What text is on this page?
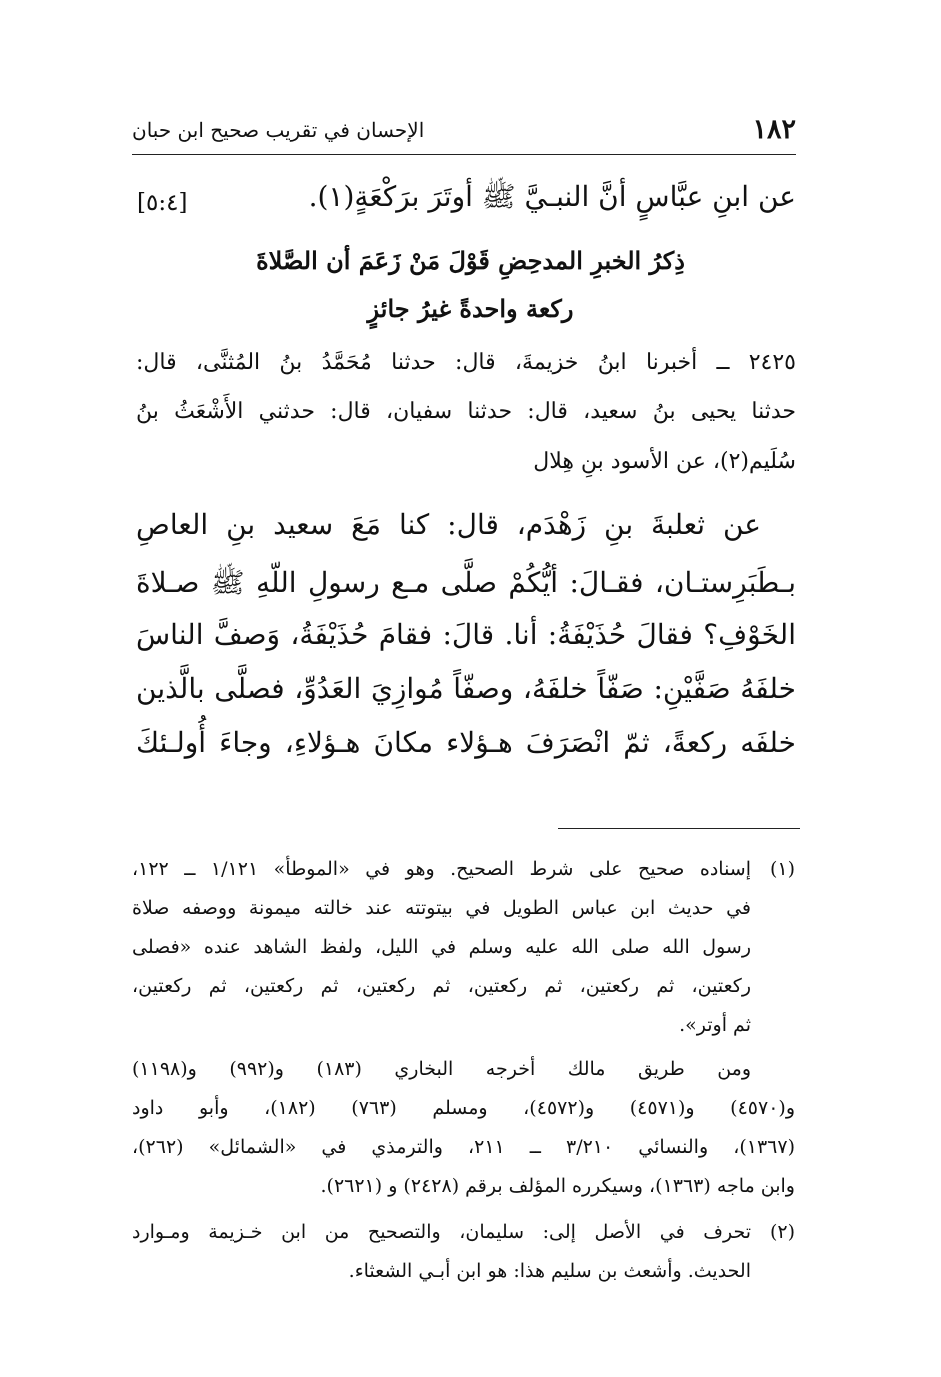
١٨٢
الإحسان في تقريب صحيح ابن حبان
عن ابنِ عبَّاسٍ أنَّ النبـيَّ ﷺ أوتَرَ برَكْعَةٍ(١).
[٥:٤]
ذِكرُ الخبرِ المدحِضِ قَوْلَ مَنْ زَعَمَ أن الصَّلاةَ
ركعة واحدةً غيرُ جائزٍ
٢٤٢٥ ــ أخبرنا ابنُ خزيمةَ، قال: حدثنا مُحَمَّدُ بنُ المُثنَّى، قال:
حدثنا يحيى بنُ سعيد، قال: حدثنا سفيان، قال: حدثني الأَشْعَثُ بنُ
سُلَيم(٢)، عن الأسود بنِ هِلال
عن ثعلبةَ بنِ زَهْدَم، قال: كنا مَعَ سعيد بنِ العاصِ
بـطَبَرِستـان، فقـالَ: أيُّكُمْ صلَّى مـع رسولِ اللّهِ ﷺ صـلاةَ
الخَوْفِ؟ فقالَ حُذَيْفَةُ: أنا. قالَ: فقامَ حُذَيْفَةُ، وَصفَّ الناسَ
خلفَهُ صَفَّيْنِ: صَفّاً خلفَهُ، وصفّاً مُوازِيَ العَدُوِّ، فصلَّى بالَّذين
خلفَه ركعةً، ثمّ انْصَرَفَ هـؤلاء مكانَ هـؤلاءِ، وجاءَ أُولـئكَ
(١)
إسناده صحيح على شرط الصحيح. وهو في «الموطأ» ١/١٢١ ــ ١٢٢،
في حديث ابن عباس الطويل في بيتوتته عند خالته ميمونة ووصفه صلاة
رسول الله صلى الله عليه وسلم في الليل، ولفظ الشاهد عنده «فصلى
ركعتين، ثم ركعتين، ثم ركعتين، ثم ركعتين، ثم ركعتين، ثم ركعتين،
ثم أوتر».
ومن طريق مالك أخرجه البخاري (١٨٣) و(٩٩٢) و(١١٩٨)
و(٤٥٧٠) و(٤٥٧١) و(٤٥٧٢)، ومسلم (٧٦٣) (١٨٢)، وأبو داود
(١٣٦٧)، والنسائي ٣/٢١٠ ــ ٢١١، والترمذي في «الشمائل» (٢٦٢)،
وابن ماجه (١٣٦٣)، وسيكرره المؤلف برقم (٢٤٢٨) و (٢٦٢١).
(٢)
تحرف في الأصل إلى: سليمان، والتصحيح من ابن خـزيمة ومـوارد
الحديث. وأشعث بن سليم هذا: هو ابن أبـي الشعثاء.
